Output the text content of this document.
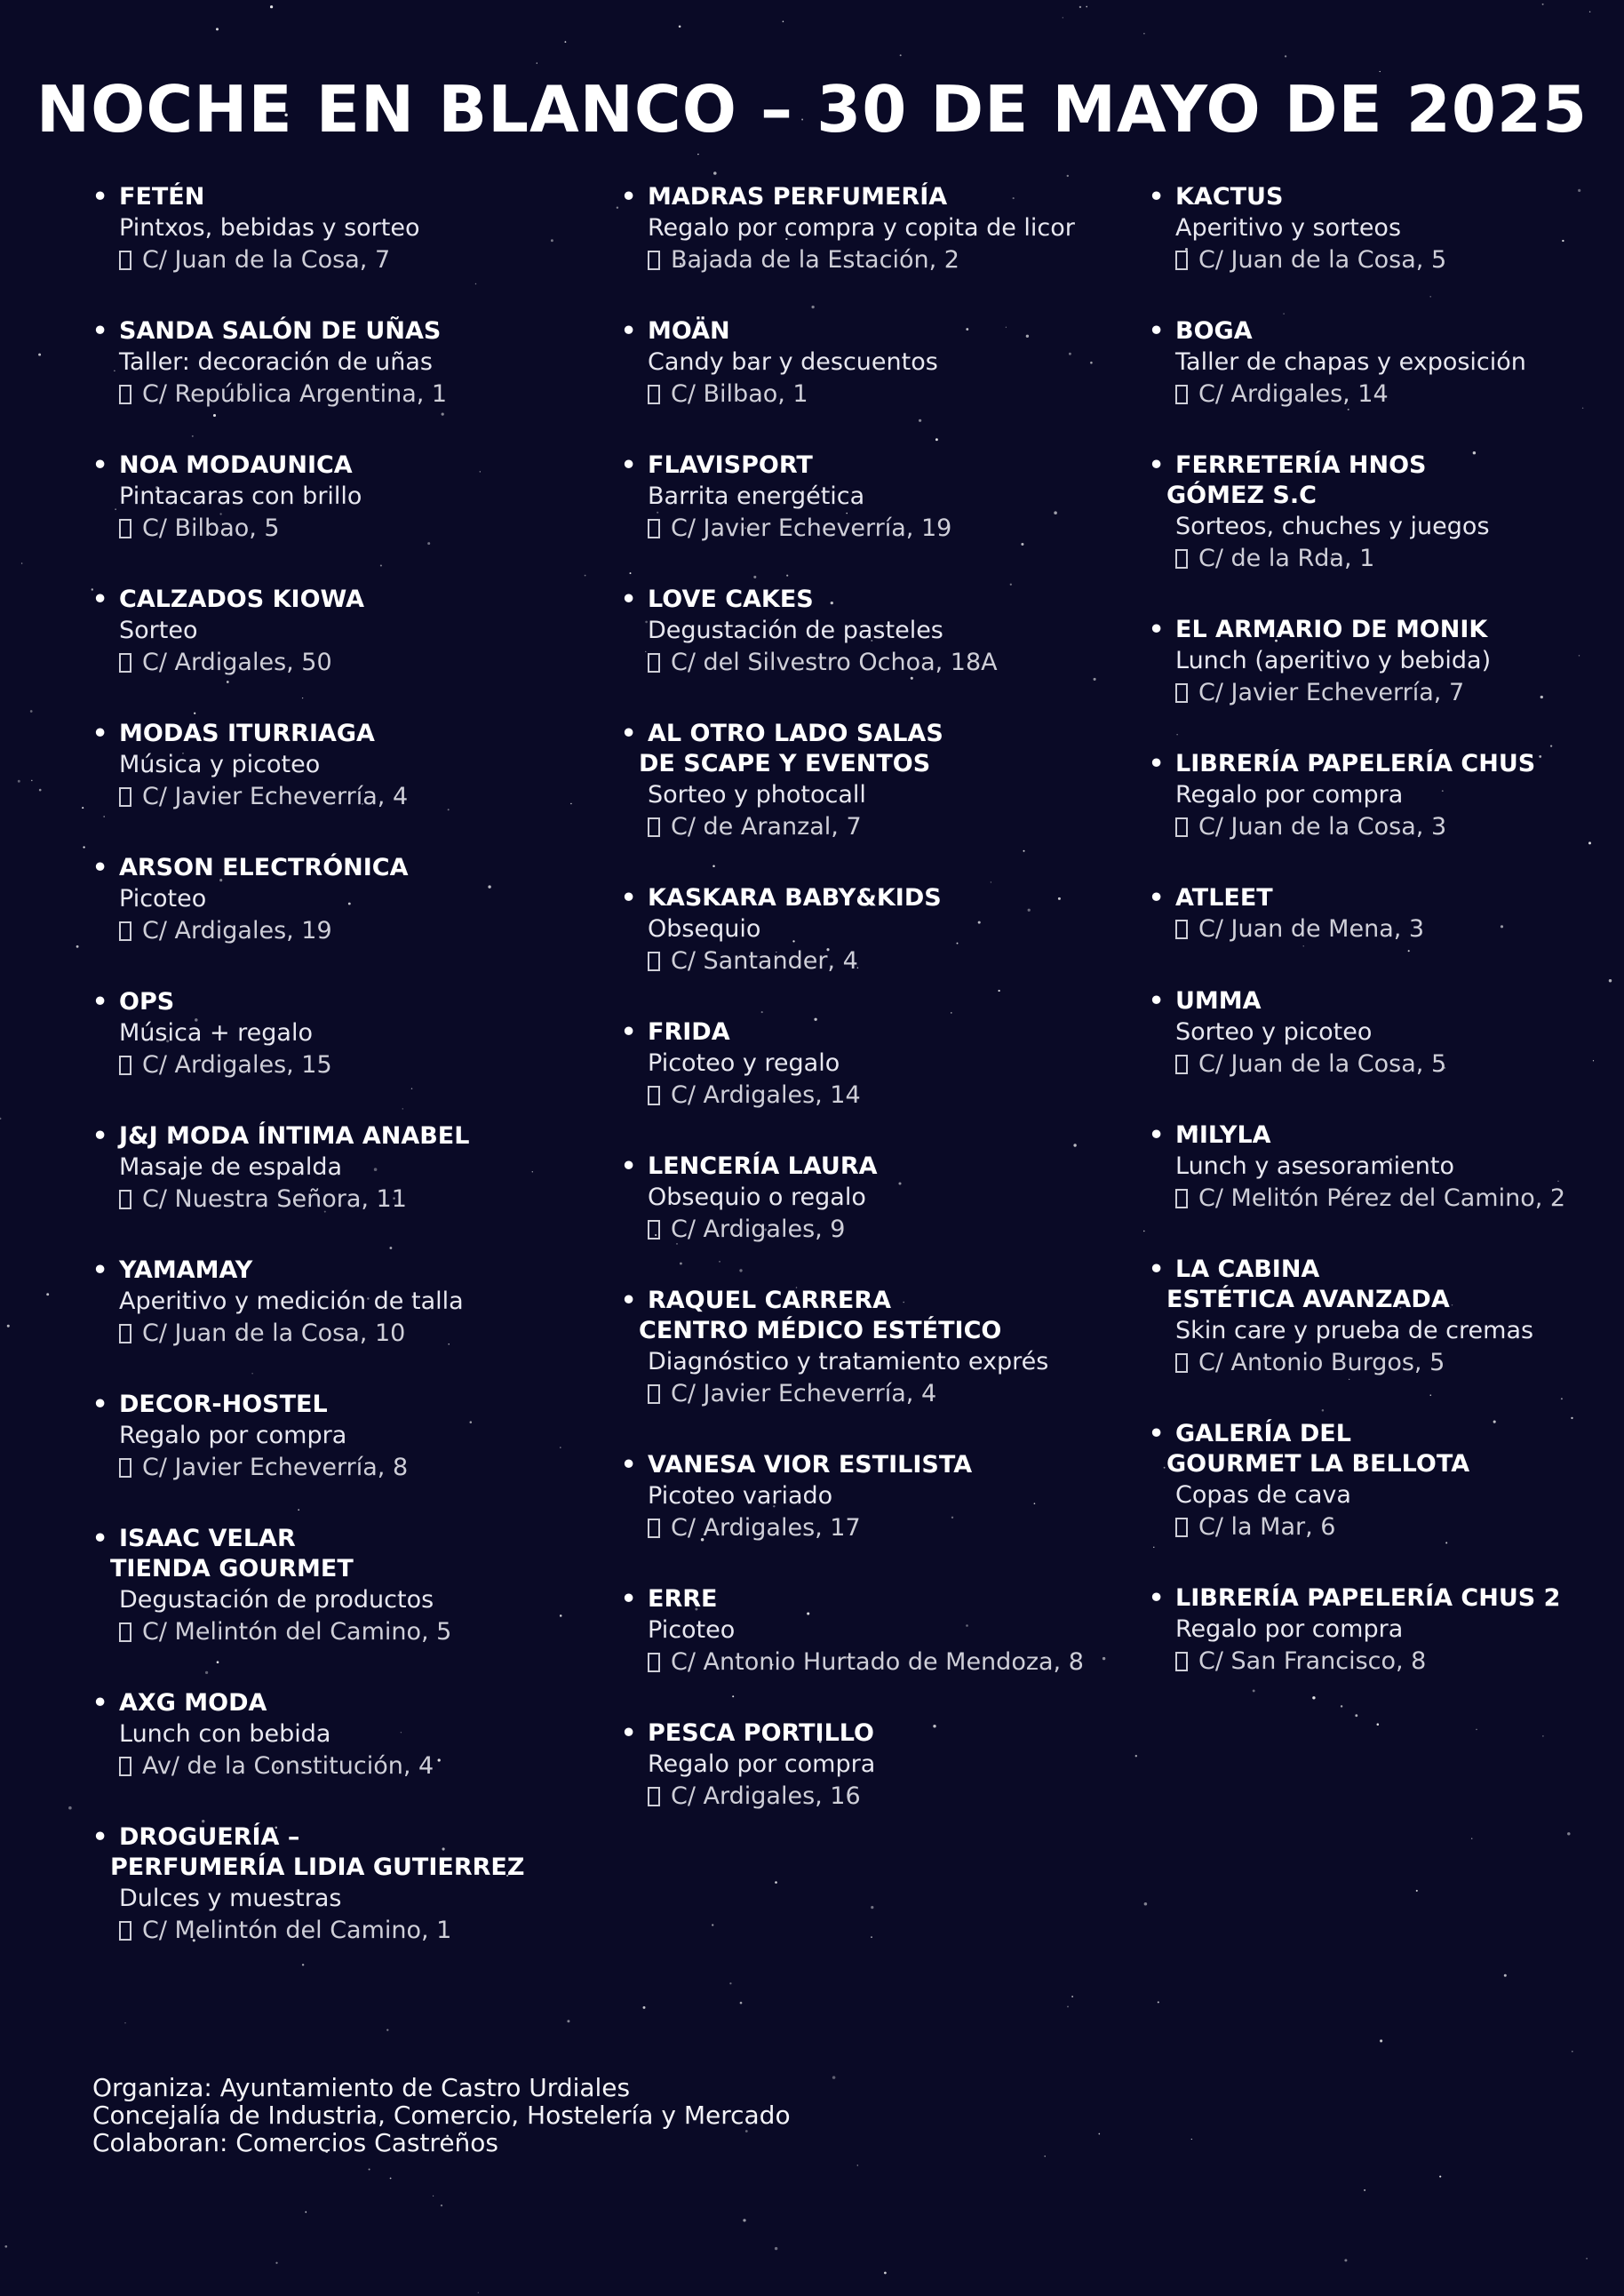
NOCHE EN BLANCO – 30 DE MAYO DE 2025
• FETÉN
Pintxos, bebidas y sorteo
C/ Juan de la Cosa, 7
• SANDA SALÓN DE UÑAS
Taller: decoración de uñas
C/ República Argentina, 1
• NOA MODAUNICA
Pintacaras con brillo
C/ Bilbao, 5
• CALZADOS KIOWA
Sorteo
C/ Ardigales, 50
• MODAS ITURRIAGA
Música y picoteo
C/ Javier Echeverría, 4
• ARSON ELECTRÓNICA
Picoteo
C/ Ardigales, 19
• OPS
Música + regalo
C/ Ardigales, 15
• J&J MODA ÍNTIMA ANABEL
Masaje de espalda
C/ Nuestra Señora, 11
• YAMAMAY
Aperitivo y medición de talla
C/ Juan de la Cosa, 10
• DECOR-HOSTEL
Regalo por compra
C/ Javier Echeverría, 8
• ISAAC VELAR
TIENDA GOURMET
Degustación de productos
C/ Melintón del Camino, 5
• AXG MODA
Lunch con bebida
Av/ de la Constitución, 4
• DROGUERÍA –
PERFUMERÍA LIDIA GUTIERREZ
Dulces y muestras
C/ Melintón del Camino, 1
• MADRAS PERFUMERÍA
Regalo por compra y copita de licor
Bajada de la Estación, 2
• MOÄN
Candy bar y descuentos
C/ Bilbao, 1
• FLAVISPORT
Barrita energética
C/ Javier Echeverría, 19
• LOVE CAKES
Degustación de pasteles
C/ del Silvestro Ochoa, 18A
• AL OTRO LADO SALAS
DE SCAPE Y EVENTOS
Sorteo y photocall
C/ de Aranzal, 7
• KASKARA BABY&KIDS
Obsequio
C/ Santander, 4
• FRIDA
Picoteo y regalo
C/ Ardigales, 14
• LENCERÍA LAURA
Obsequio o regalo
C/ Ardigales, 9
• RAQUEL CARRERA
CENTRO MÉDICO ESTÉTICO
Diagnóstico y tratamiento exprés
C/ Javier Echeverría, 4
• VANESA VIOR ESTILISTA
Picoteo variado
C/ Ardigales, 17
• ERRE
Picoteo
C/ Antonio Hurtado de Mendoza, 8
• PESCA PORTILLO
Regalo por compra
C/ Ardigales, 16
• KACTUS
Aperitivo y sorteos
C/ Juan de la Cosa, 5
• BOGA
Taller de chapas y exposición
C/ Ardigales, 14
• FERRETERÍA HNOS
GÓMEZ S.C
Sorteos, chuches y juegos
C/ de la Rda, 1
• EL ARMARIO DE MONIK
Lunch (aperitivo y bebida)
C/ Javier Echeverría, 7
• LIBRERÍA PAPELERÍA CHUS
Regalo por compra
C/ Juan de la Cosa, 3
• ATLEET
C/ Juan de Mena, 3
• UMMA
Sorteo y picoteo
C/ Juan de la Cosa, 5
• MILYLA
Lunch y asesoramiento
C/ Melitón Pérez del Camino, 2
• LA CABINA
ESTÉTICA AVANZADA
Skin care y prueba de cremas
C/ Antonio Burgos, 5
• GALERÍA DEL
GOURMET LA BELLOTA
Copas de cava
C/ la Mar, 6
• LIBRERÍA PAPELERÍA CHUS 2
Regalo por compra
C/ San Francisco, 8
Organiza: Ayuntamiento de Castro Urdiales
Concejalía de Industria, Comercio, Hostelería y Mercado
Colaboran: Comercios Castreños
